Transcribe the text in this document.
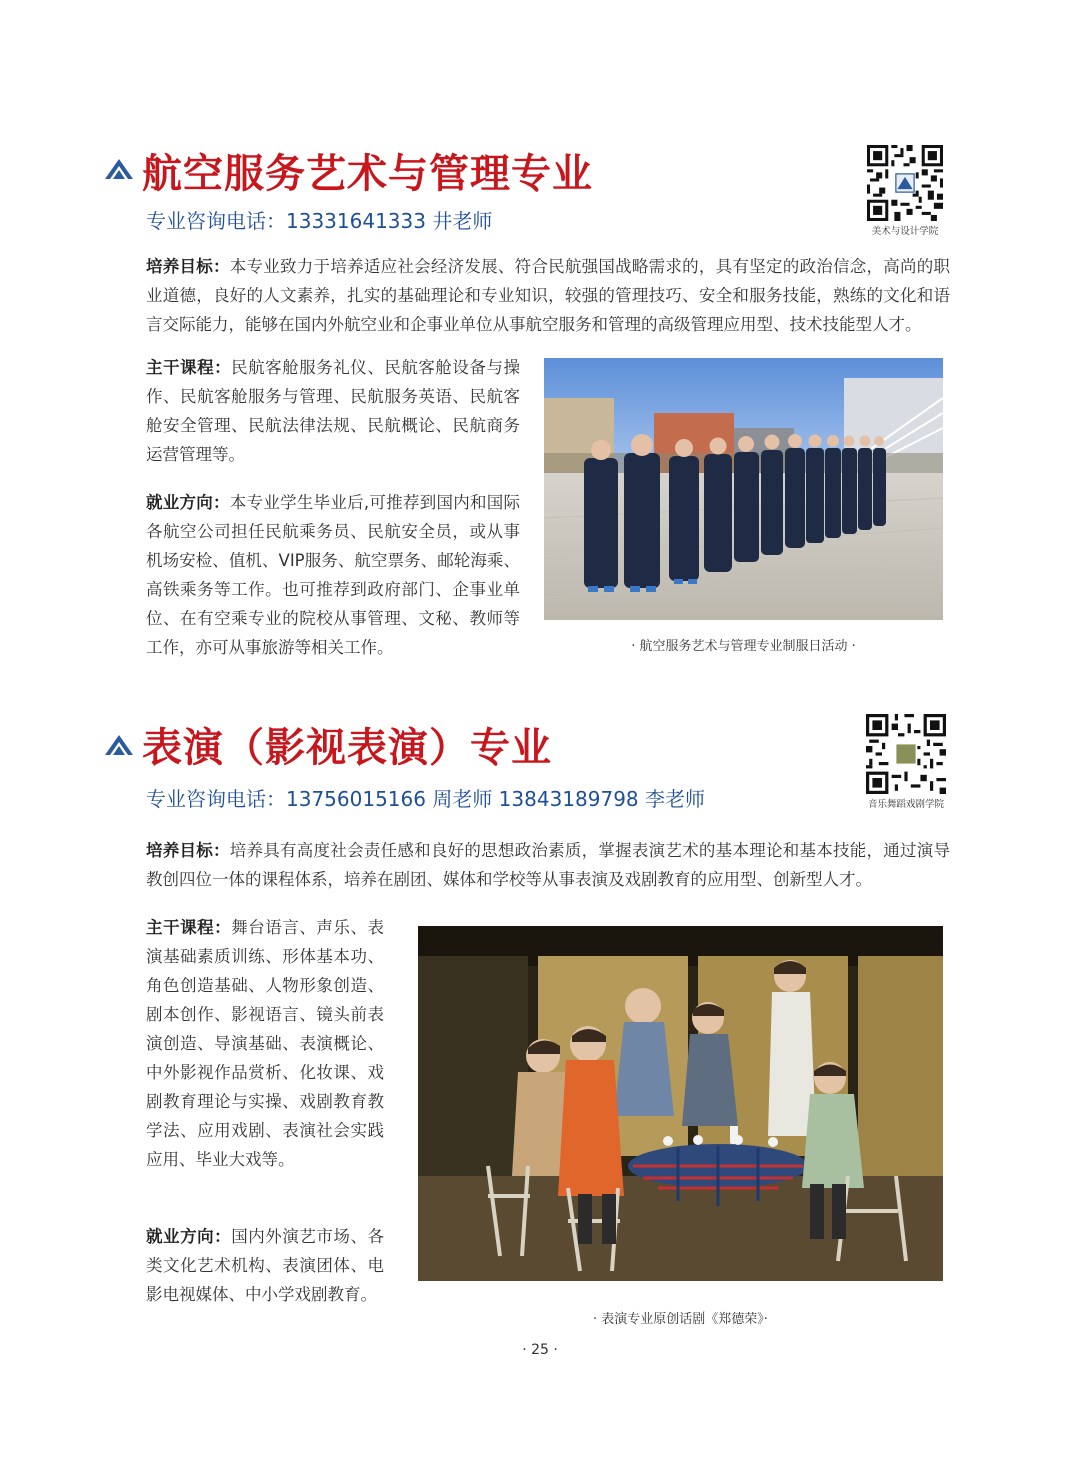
航空服务艺术与管理专业
专业咨询电话：13331641333 井老师	美术与设计学院
培养目标：本专业致力于培养适应社会经济发展、符合民航强国战略需求的，具有坚定的政治信念，高尚的职业道德，良好的人文素养，扎实的基础理论和专业知识，较强的管理技巧、安全和服务技能，熟练的文化和语言交际能力，能够在国内外航空业和企事业单位从事航空服务和管理的高级管理应用型、技术技能型人才。
主干课程：民航客舱服务礼仪、民航客舱设备与操作、民航客舱服务与管理、民航服务英语、民航客舱安全管理、民航法律法规、民航概论、民航商务运营管理等。
就业方向：本专业学生毕业后,可推荐到国内和国际各航空公司担任民航乘务员、民航安全员，或从事机场安检、值机、VIP服务、航空票务、邮轮海乘、高铁乘务等工作。也可推荐到政府部门、企事业单位、在有空乘专业的院校从事管理、文秘、教师等工作，亦可从事旅游等相关工作。	· 航空服务艺术与管理专业制服日活动 ·
表演（影视表演）专业
专业咨询电话：13756015166 周老师 13843189798 李老师	音乐舞蹈戏剧学院
培养目标：培养具有高度社会责任感和良好的思想政治素质，掌握表演艺术的基本理论和基本技能，通过演导教创四位一体的课程体系，培养在剧团、媒体和学校等从事表演及戏剧教育的应用型、创新型人才。
主干课程：舞台语言、声乐、表演基础素质训练、形体基本功、角色创造基础、人物形象创造、剧本创作、影视语言、镜头前表演创造、导演基础、表演概论、中外影视作品赏析、化妆课、戏剧教育理论与实操、戏剧教育教学法、应用戏剧、表演社会实践应用、毕业大戏等。
就业方向：国内外演艺市场、各类文化艺术机构、表演团体、电影电视媒体、中小学戏剧教育。
· 表演专业原创话剧《郑德荣》·
· 25 ·
